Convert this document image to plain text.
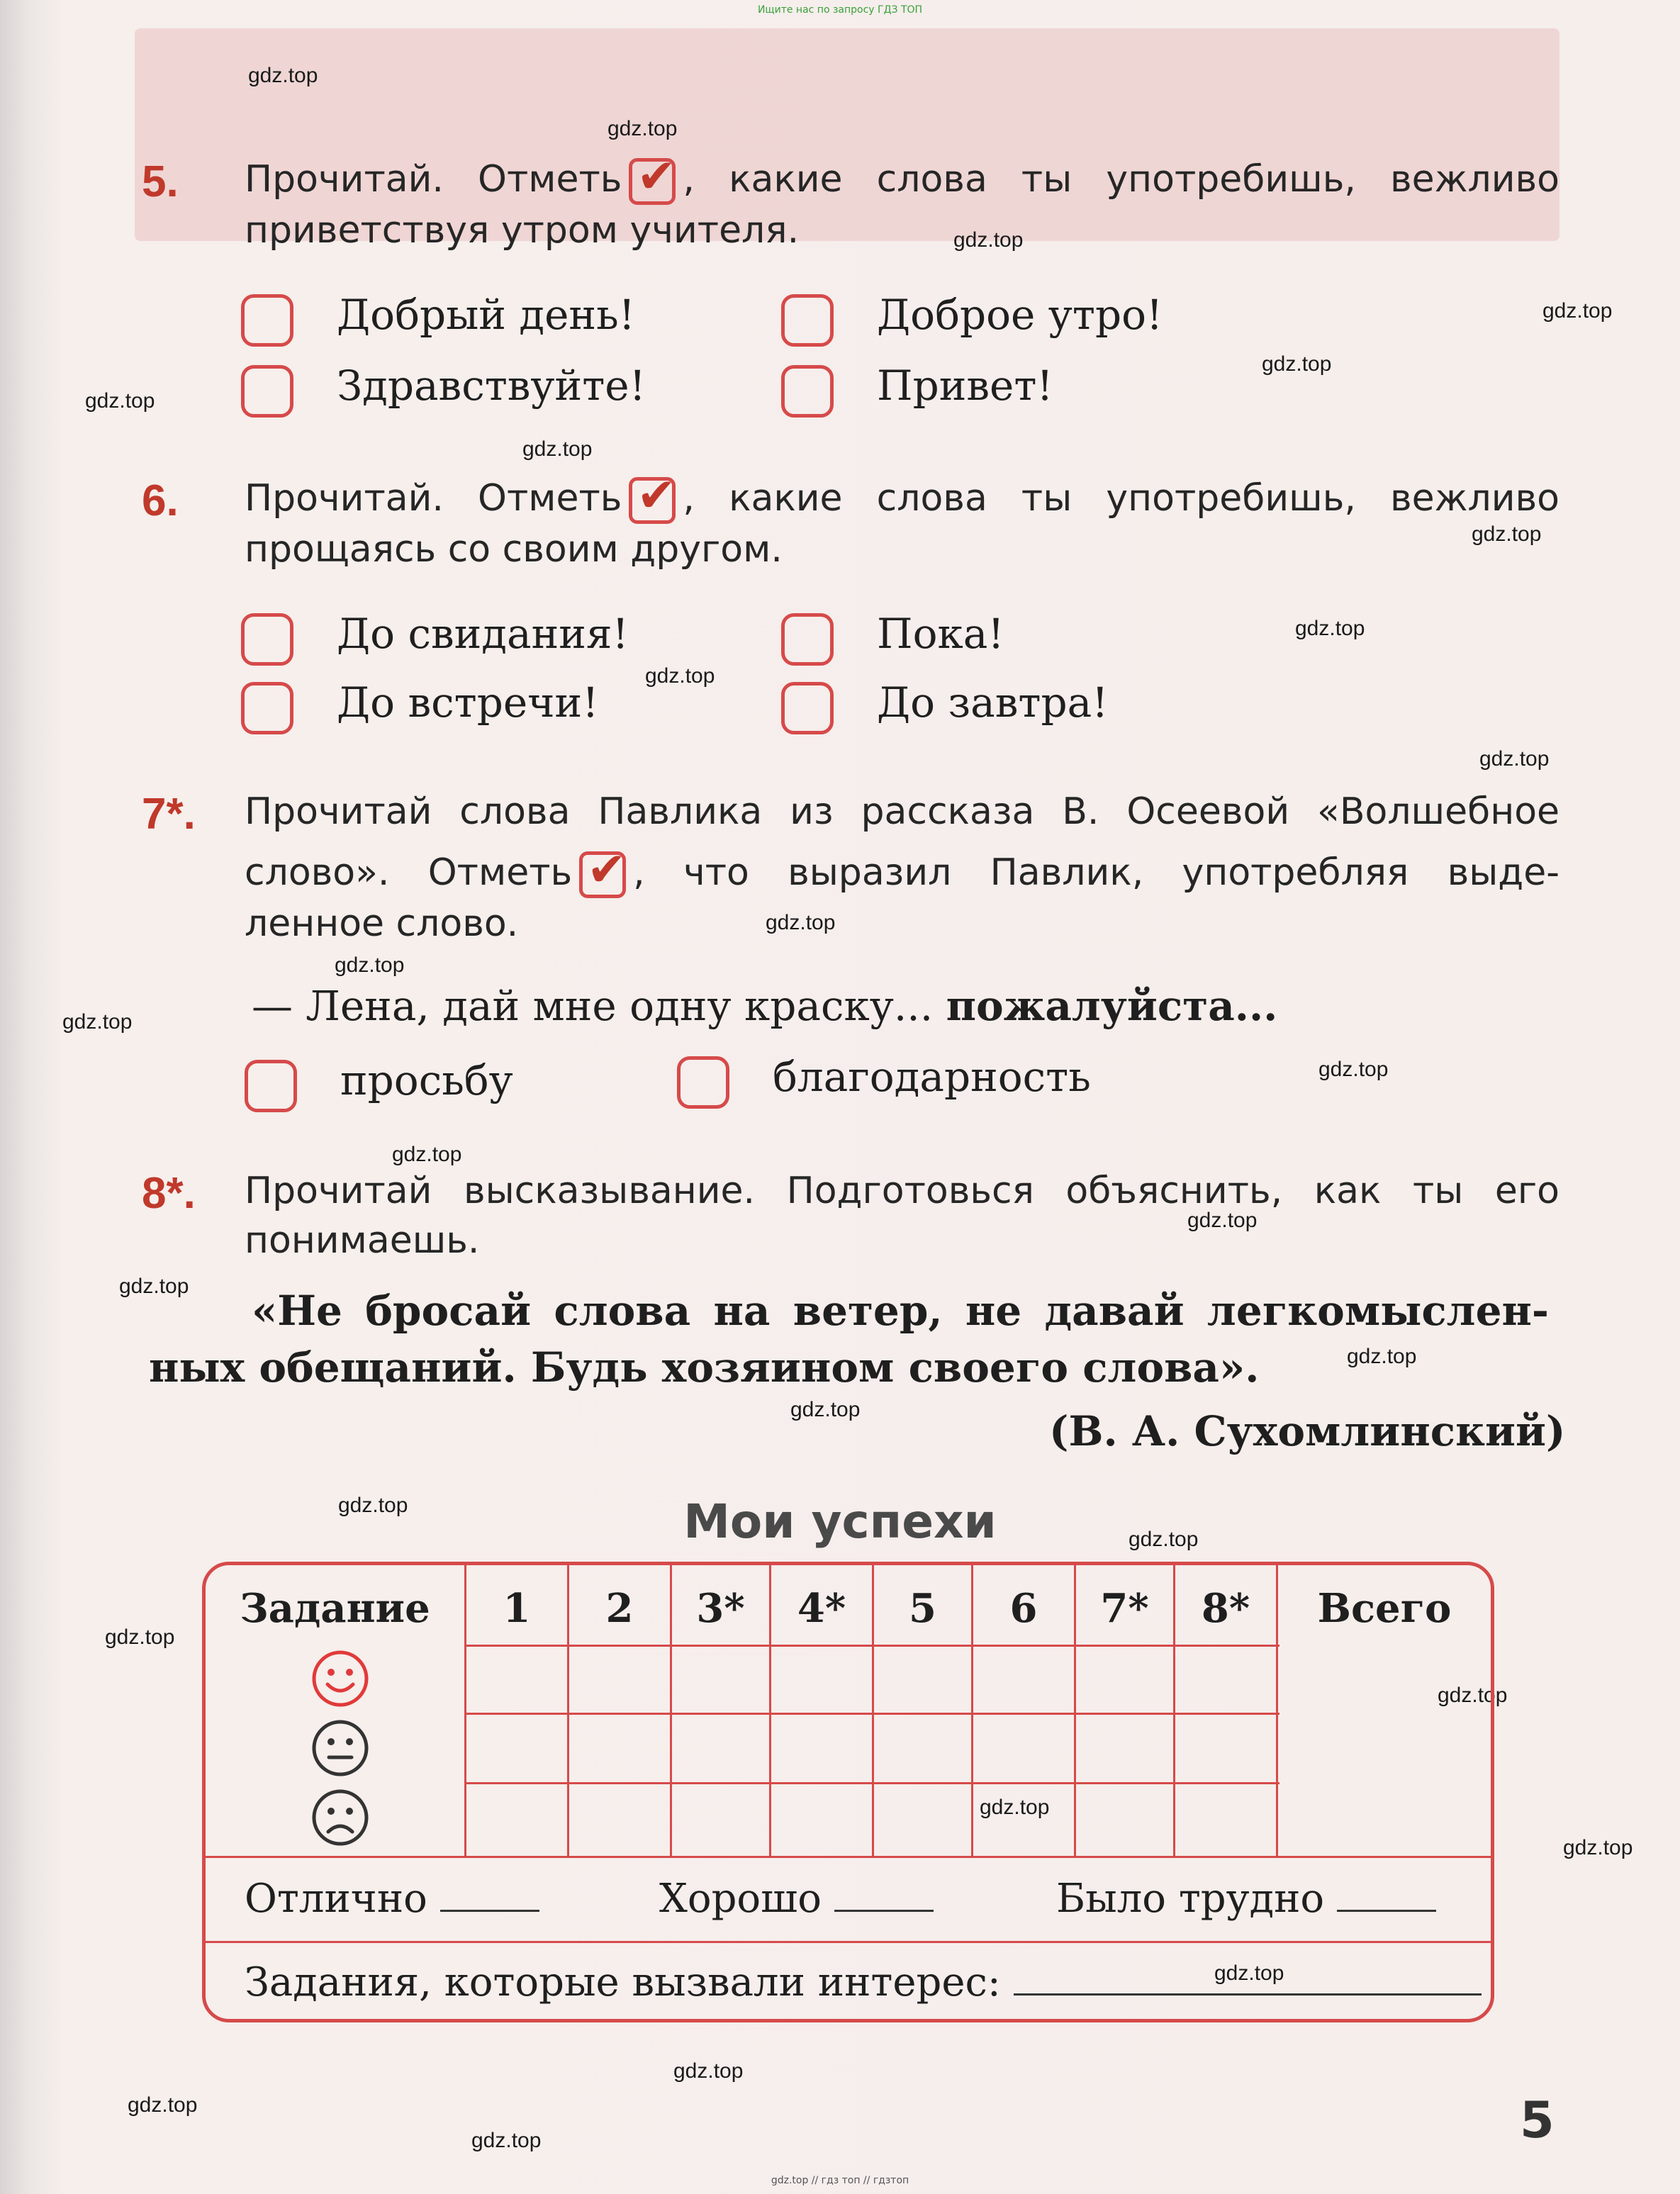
Ищите нас по запросу ГДЗ ТОП
gdz.top
gdz.top
gdz.top
gdz.top
gdz.top
gdz.top
gdz.top
gdz.top
gdz.top
gdz.top
gdz.top
gdz.top
gdz.top
gdz.top
gdz.top
gdz.top
gdz.top
gdz.top
gdz.top
gdz.top
gdz.top
gdz.top
gdz.top
gdz.top
gdz.top
gdz.top
gdz.top
gdz.top
gdz.top
gdz.top
5. Прочитай. Отметь ✔ , какие слова ты употребишь, вежливо
приветствуя утром учителя.
Добрый день!	Доброе утро!
Здравствуйте!	Привет!
6. Прочитай. Отметь ✔ , какие слова ты употребишь, вежливо
прощаясь со своим другом.
До свидания!	Пока!
До встречи!	До завтра!
7*. Прочитай слова Павлика из рассказа В. Осеевой «Волшебное
слово». Отметь ✔ , что выразил Павлик, употребляя выде-
ленное слово.
— Лена, дай мне одну краску... пожалуйста...
просьбу	благодарность
8*. Прочитай высказывание. Подготовься объяснить, как ты его
понимаешь.
«Не бросай слова на ветер, не давай легкомыслен-
ных обещаний. Будь хозяином своего слова».
(В. А. Сухомлинский)
Мои успехи
Задание	1	2	3*	4*	5	6	7*	8*	Всего
Отлично	Хорошо	Было трудно
Задания, которые вызвали интерес:
5
gdz.top // гдз топ // гдзтоп
